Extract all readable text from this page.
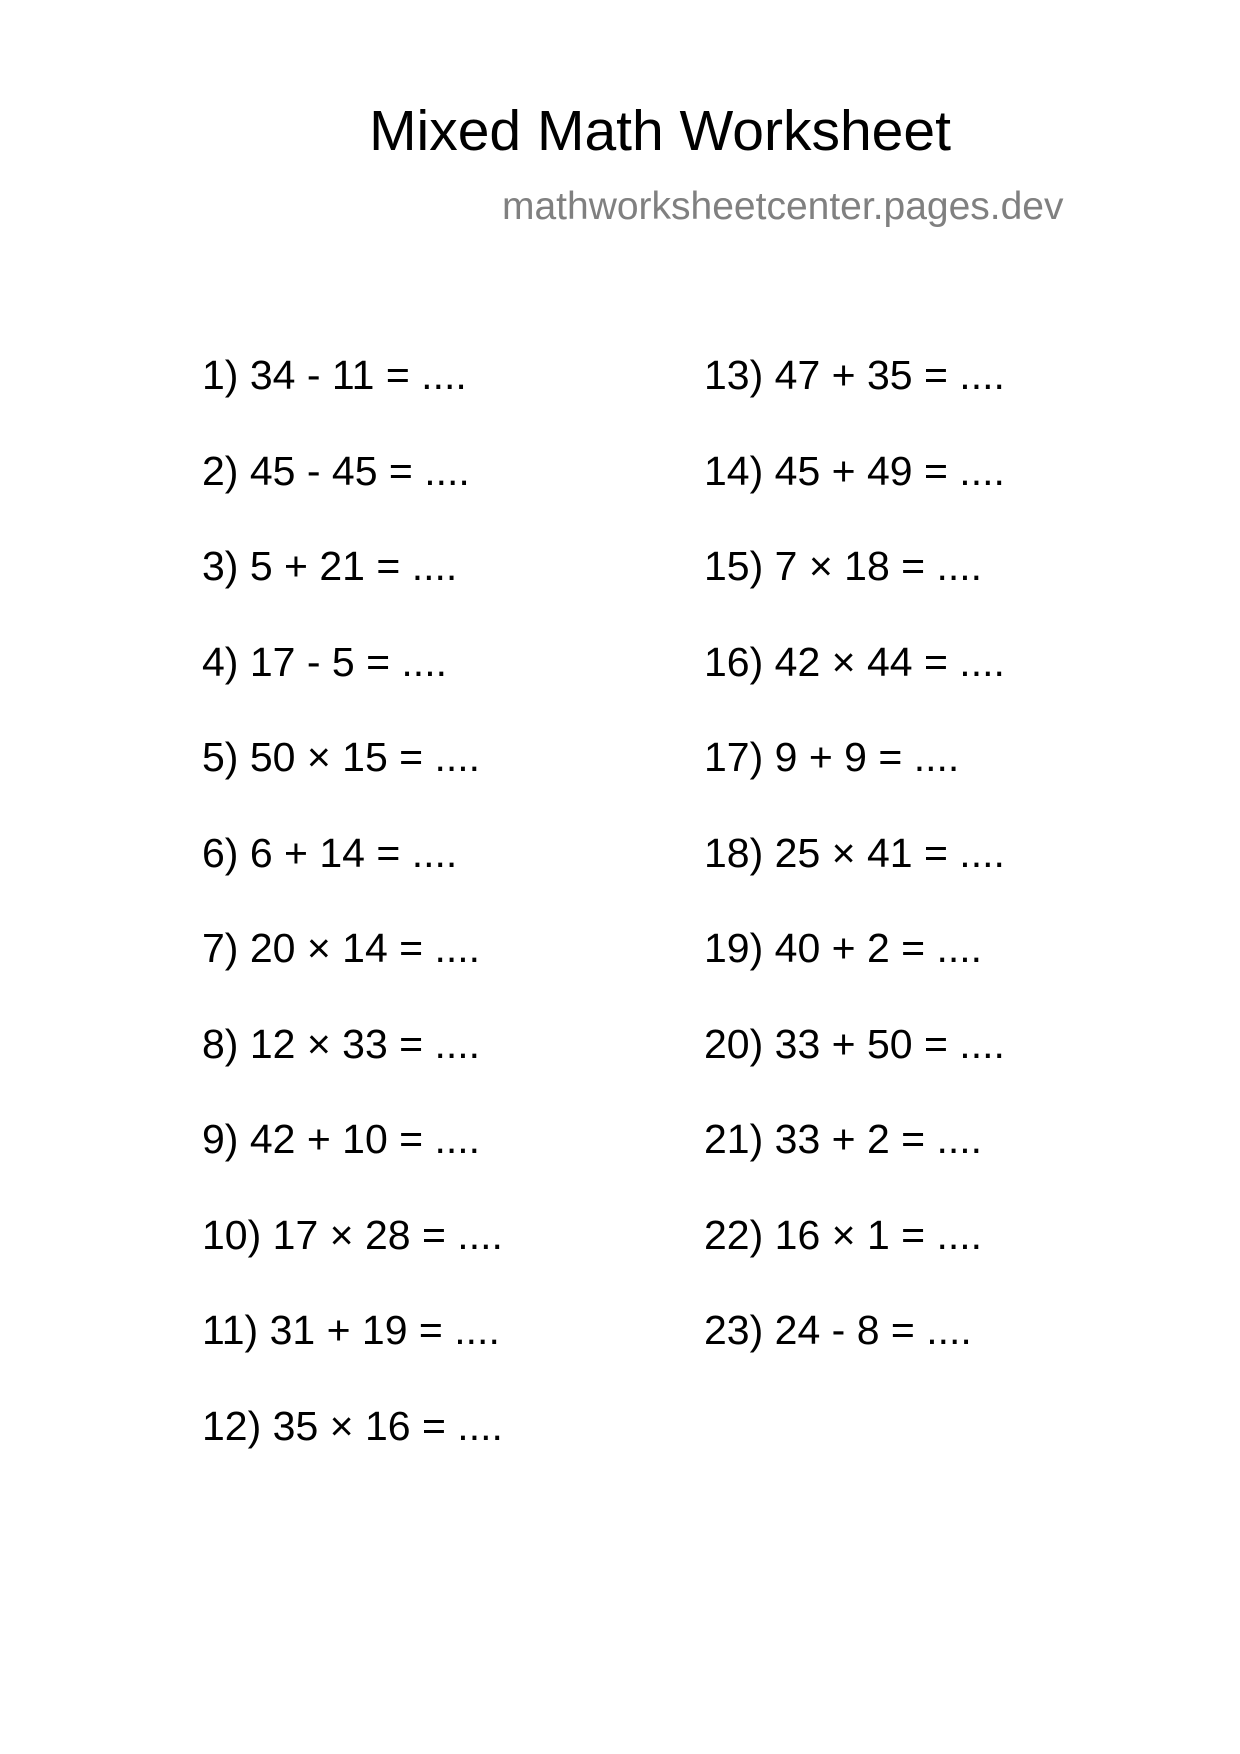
Mixed Math Worksheet
mathworksheetcenter.pages.dev
1) 34 - 11 = ....
2) 45 - 45 = ....
3) 5 + 21 = ....
4) 17 - 5 = ....
5) 50 × 15 = ....
6) 6 + 14 = ....
7) 20 × 14 = ....
8) 12 × 33 = ....
9) 42 + 10 = ....
10) 17 × 28 = ....
11) 31 + 19 = ....
12) 35 × 16 = ....
13) 47 + 35 = ....
14) 45 + 49 = ....
15) 7 × 18 = ....
16) 42 × 44 = ....
17) 9 + 9 = ....
18) 25 × 41 = ....
19) 40 + 2 = ....
20) 33 + 50 = ....
21) 33 + 2 = ....
22) 16 × 1 = ....
23) 24 - 8 = ....
